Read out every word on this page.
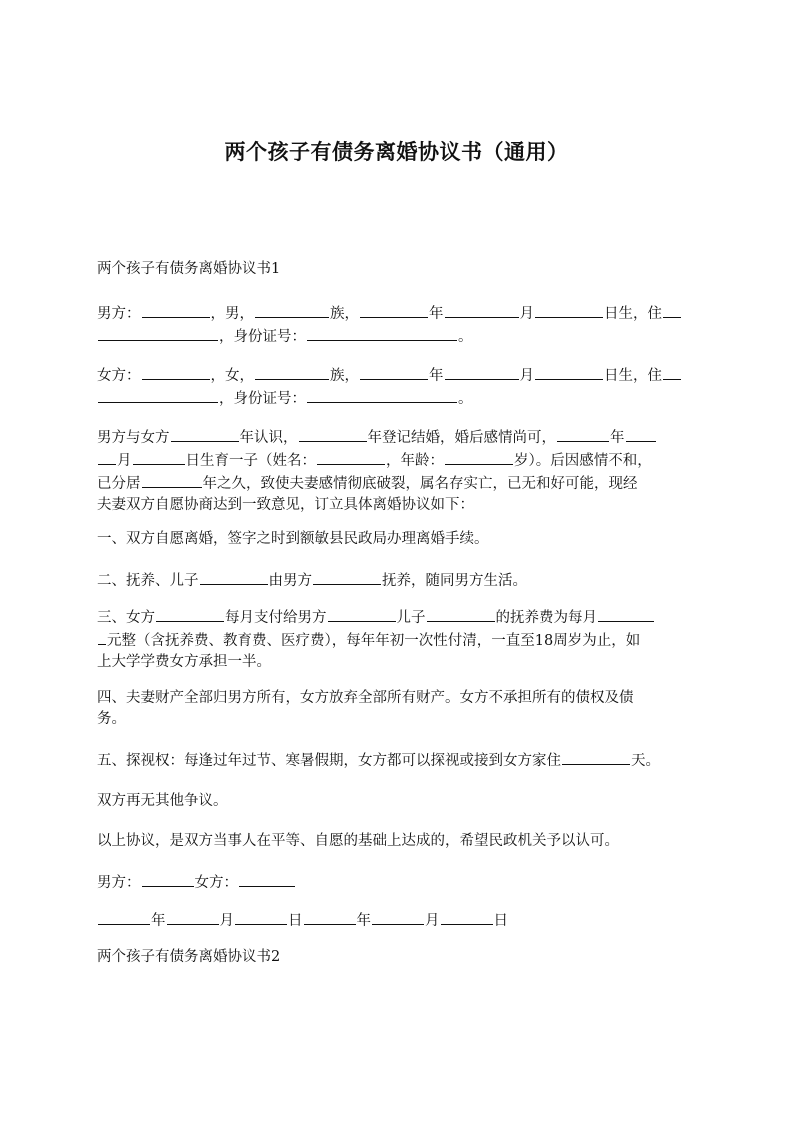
两个孩子有债务离婚协议书（通用）
两个孩子有债务离婚协议书1
男方：	，男，	族，	年	月	日生，住
，身份证号：	。
女方：	，女，	族，	年	月	日生，住
，身份证号：	。
男方与女方	年认识，	年登记结婚，婚后感情尚可，	年
月	日生育一子（姓名：	，年龄：	岁）。后因感情不和，
已分居	年之久，致使夫妻感情彻底破裂，属名存实亡，已无和好可能，现经
夫妻双方自愿协商达到一致意见，订立具体离婚协议如下：
一、双方自愿离婚，签字之时到额敏县民政局办理离婚手续。
二、抚养、儿子	由男方	抚养，随同男方生活。
三、女方	每月支付给男方	儿子	的抚养费为每月
元整（含抚养费、教育费、医疗费），每年年初一次性付清，一直至18周岁为止，如
上大学学费女方承担一半。
四、夫妻财产全部归男方所有，女方放弃全部所有财产。女方不承担所有的债权及债
务。
五、探视权：每逢过年过节、寒暑假期，女方都可以探视或接到女方家住	天。
双方再无其他争议。
以上协议，是双方当事人在平等、自愿的基础上达成的，希望民政机关予以认可。
男方：	女方：
年	月	日	年	月	日
两个孩子有债务离婚协议书2
